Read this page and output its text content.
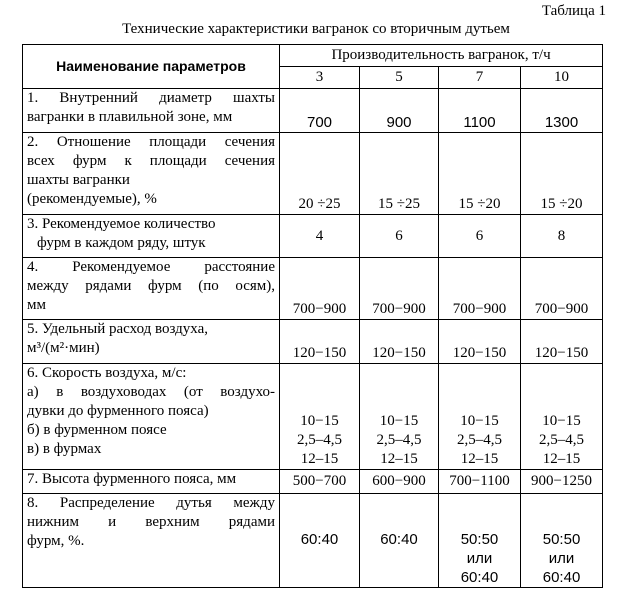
Таблица 1
Технические характеристики вагранок со вторичным дутьем
Наименование параметров	Производительность вагранок, т/ч			
	3	5	7	10

1. Внутренний диаметр шахты
вагранки в плавильной зоне, мм	700	900	1100	1300

2. Отношение площади сечения
всех фурм к площади сечения
шахты вагранки
(рекомендуемые), %	20 ÷25	15 ÷25	15 ÷20	15 ÷20

3. Рекомендуемое количество
фурм в каждом ряду, штук	4	6	6	8

4. Рекомендуемое расстояние
между рядами фурм (по осям),
мм	700−900	700−900	700−900	700−900

5. Удельный расход воздуха,
м³/(м²·мин)	120−150	120−150	120−150	120−150

6. Скорость воздуха, м/с:
а) в воздуховодах (от воздухо-
дувки до фурменного пояса)
б) в фурменном поясе
в) в фурмах	10−15
2,5–4,5
12–15	10−15
2,5–4,5
12–15	10−15
2,5–4,5
12–15	10−15
2,5–4,5
12–15

7. Высота фурменного пояса, мм	500−700	600−900	700−1100	900−1250

8. Распределение дутья между
нижним и верхним рядами
фурм, %.	60:40	60:40	50:50
или
60:40	50:50
или
60:40
